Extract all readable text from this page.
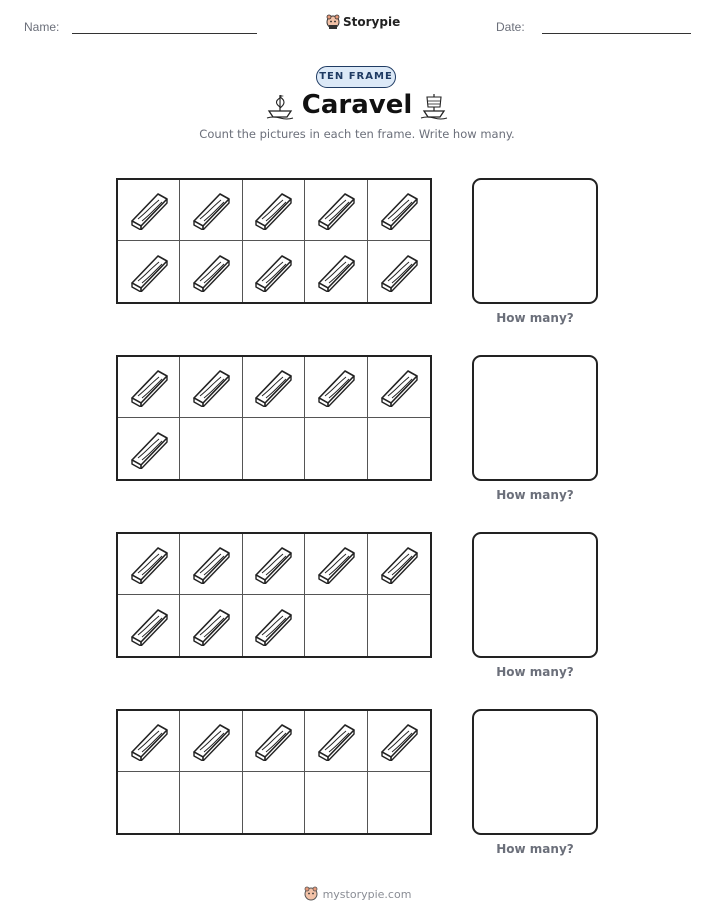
Name:	Storypie	Date:
TEN FRAME
Caravel
Count the pictures in each ten frame. Write how many.
How many?
How many?
How many?
How many?
mystorypie.com
